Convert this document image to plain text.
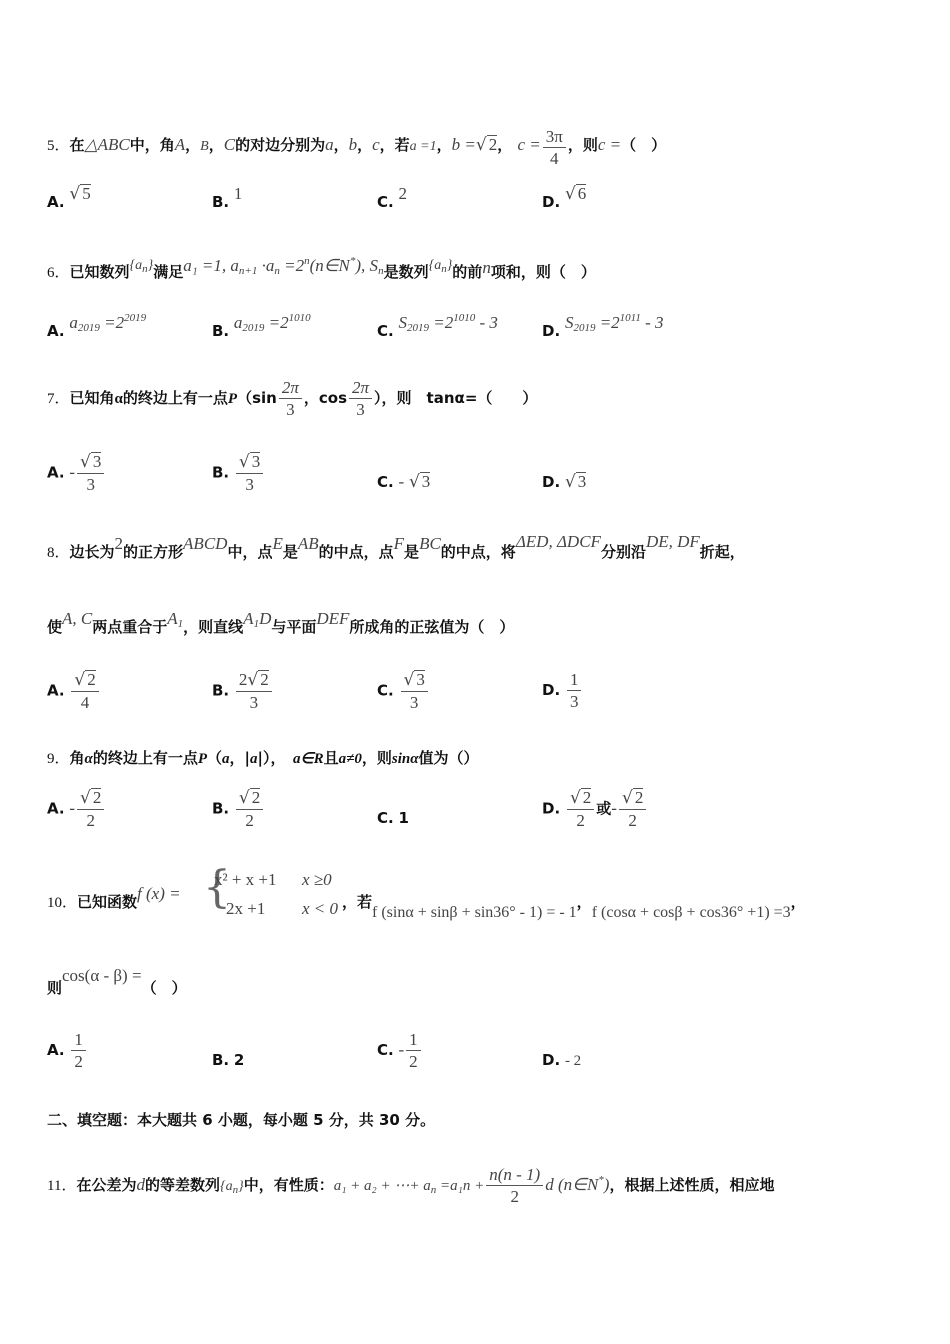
5．在△ABC中，角A，B，C的对边分别为a，b，c，若a =1，b =√ 2， $c = \frac{3\pi}{4}$ ，则c =（　）
A. √ 5	B. 1	C. 2	D. √ 6
6．已知数列$\{a_n\}$满足a₁ =1, $a_{n+1} \cdot a_n$ $=2^n(n\in N^*)$, $S_n$是数列$\{a_n\}$的前n项和，则（　）
A. $a_{2019} =2^{2019}$
B. $a_{2019} =2^{1010}$
C. $S_{2019} =2^{1010} - 3$	D. $S_{2019} =2^{1011} - 3$
7．已知角α的终边上有一点$P(\sin \frac{2\pi}{3}$ ，$\cos \frac{2\pi}{3}$ ），则　tanα=（　　）
A. - $\frac{√ 3}{3}$	B. $\frac{√ 3}{3}$	C. - √ 3	D. √ 3
8．边长为2的正方形ABCD中，点E是AB的中点，点F是BC的中点，将ΔED, ΔDCF分别沿DE, DF折起，
使A, C两点重合于$A_1$，则直线$A_1D$与平面DEF所成角的正弦值为（　）
A. $\frac{√ 2}{4}$	B. $\frac{2√ 2}{3}$	C. $\frac{√ 3}{3}$	D. $\frac{1}{3}$
9．角α的终边上有一点P（a，|a|），　a∈R且a≠0，则sinα值为（）
A. - $\frac{√ 2}{2}$	B. $\frac{√ 2}{2}$	C. 1
D. $\frac{√ 2}{2}$ 或- $\frac{√ 2}{2}$
10．已知函数f (x) = {
x² + x +1 x ≥0
2x +1 x < 0 ，若f (sinα + sinβ + sin36° - 1) = - 1，f (cosα + cosβ + cos36° +1) =3，
则cos(α - β) =（　）
A. $\frac{1}{2}$	B. 2
C. - $\frac{1}{2}$	D. - 2
二、填空题：本大题共 6 小题，每小题 5 分，共 30 分。
11．在公差为d的等差数列$\{a_n\}$中，有性质：a₁ + a₂ + ⋯+ $a_n =a_1n + \frac{n(n - 1)}{2}$ d (n∈N*)，根据上述性质，相应地
